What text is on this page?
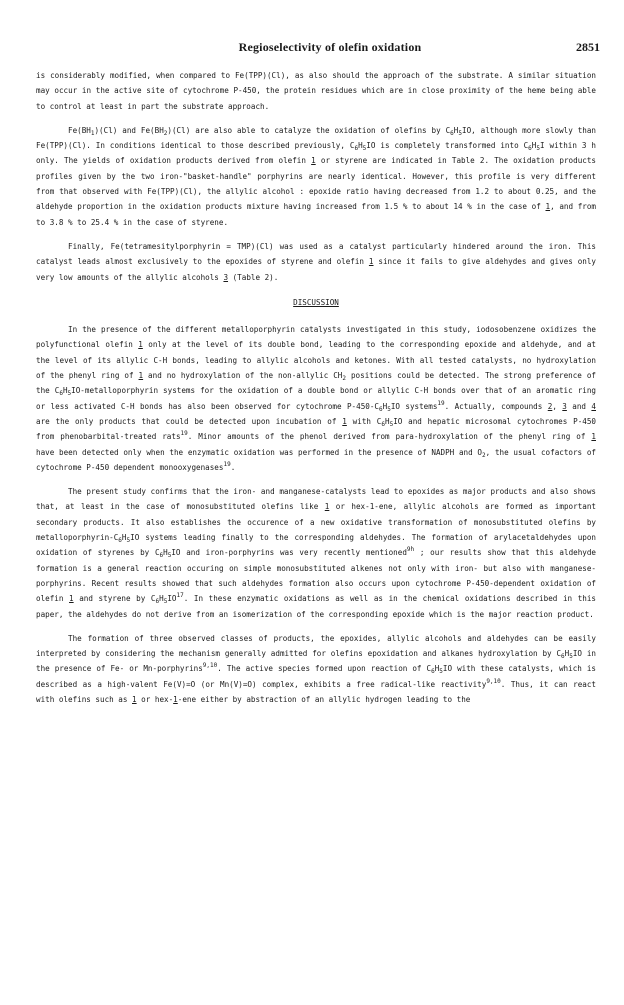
Regioselectivity of olefin oxidation	2851

is considerably modified, when compared to Fe(TPP)(Cl), as also should the approach of the substrate. A similar situation may occur in the active site of cytochrome P-450, the protein residues which are in close proximity of the heme being able to control at least in part the substrate approach.

$Fe(BH_1)(Cl)$ and $Fe(BH_2)(Cl)$ are also able to catalyze the oxidation of olefins by $C_6H_5IO$, although more slowly than Fe(TPP)(Cl). In conditions identical to those described previously, $C_6H_5IO$ is completely transformed into $C_6H_5I$ within 3 h only. The yields of oxidation products derived from olefin 1 or styrene are indicated in Table 2. The oxidation products profiles given by the two iron-"basket-handle" porphyrins are nearly identical. However, this profile is very different from that observed with Fe(TPP)(Cl), the allylic alcohol : epoxide ratio having decreased from 1.2 to about 0.25, and the aldehyde proportion in the oxidation products mixture having increased from 1.5 % to about 14 % in the case of 1, and from to 3.8 % to 25.4 % in the case of styrene.

Finally, Fe(tetramesitylporphyrin = TMP)(Cl) was used as a catalyst particularly hindered around the iron. This catalyst leads almost exclusively to the epoxides of styrene and olefin 1 since it fails to give aldehydes and gives only very low amounts of the allylic alcohols 3 (Table 2).

DISCUSSION

In the presence of the different metalloporphyrin catalysts investigated in this study, iodosobenzene oxidizes the polyfunctional olefin 1 only at the level of its double bond, leading to the corresponding epoxide and aldehyde, and at the level of its allylic C-H bonds, leading to allylic alcohols and ketones. With all tested catalysts, no hydroxylation of the phenyl ring of 1 and no hydroxylation of the non-allylic $CH_2$ positions could be detected. The strong preference of the $C_6H_5IO$-metalloporphyrin systems for the oxidation of a double bond or allylic C-H bonds over that of an aromatic ring or less activated C-H bonds has also been observed for cytochrome $P-450-C_6H_5IO$ systems$^{19}$. Actually, compounds 2, 3 and 4 are the only products that could be detected upon incubation of 1 with $C_6H_5IO$ and hepatic microsomal cytochromes P-450 from phenobarbital-treated rats$^{19}$. Minor amounts of the phenol derived from para-hydroxylation of the phenyl ring of 1 have been detected only when the enzymatic oxidation was performed in the presence of NADPH and $O_2$, the usual cofactors of cytochrome P-450 dependent monooxygenases$^{19}$.

The present study confirms that the iron- and manganese-catalysts lead to epoxides as major products and also shows that, at least in the case of monosubstituted olefins like 1 or hex-1-ene, allylic alcohols are formed as important secondary products. It also establishes the occurence of a new oxidative transformation of monosubstituted olefins by metalloporphyrin-$C_6H_5IO$ systems leading finally to the corresponding aldehydes. The formation of arylacetaldehydes upon oxidation of styrenes by $C_6H_5IO$ and iron-porphyrins was very recently mentioned$^{9h}$ ; our results show that this aldehyde formation is a general reaction occuring on simple monosubstituted alkenes not only with iron- but also with manganese-porphyrins. Recent results showed that such aldehydes formation also occurs upon cytochrome P-450-dependent oxidation of olefin 1 and styrene by $C_6H_5IO^{17}$. In these enzymatic oxidations as well as in the chemical oxidations described in this paper, the aldehydes do not derive from an isomerization of the corresponding epoxide which is the major reaction product.

The formation of three observed classes of products, the epoxides, allylic alcohols and aldehydes can be easily interpreted by considering the mechanism generally admitted for olefins epoxidation and alkanes hydroxylation by $C_6H_5IO$ in the presence of Fe- or Mn-porphyrins$^{9,10}$. The active species formed upon reaction of $C_6H_5IO$ with these catalysts, which is described as a high-valent Fe(V)=O (or Mn(V)=O) complex, exhibits a free radical-like reactivity$^{9,10}$. Thus, it can react with olefins such as 1 or hex-1-ene either by abstraction of an allylic hydrogen leading to the
